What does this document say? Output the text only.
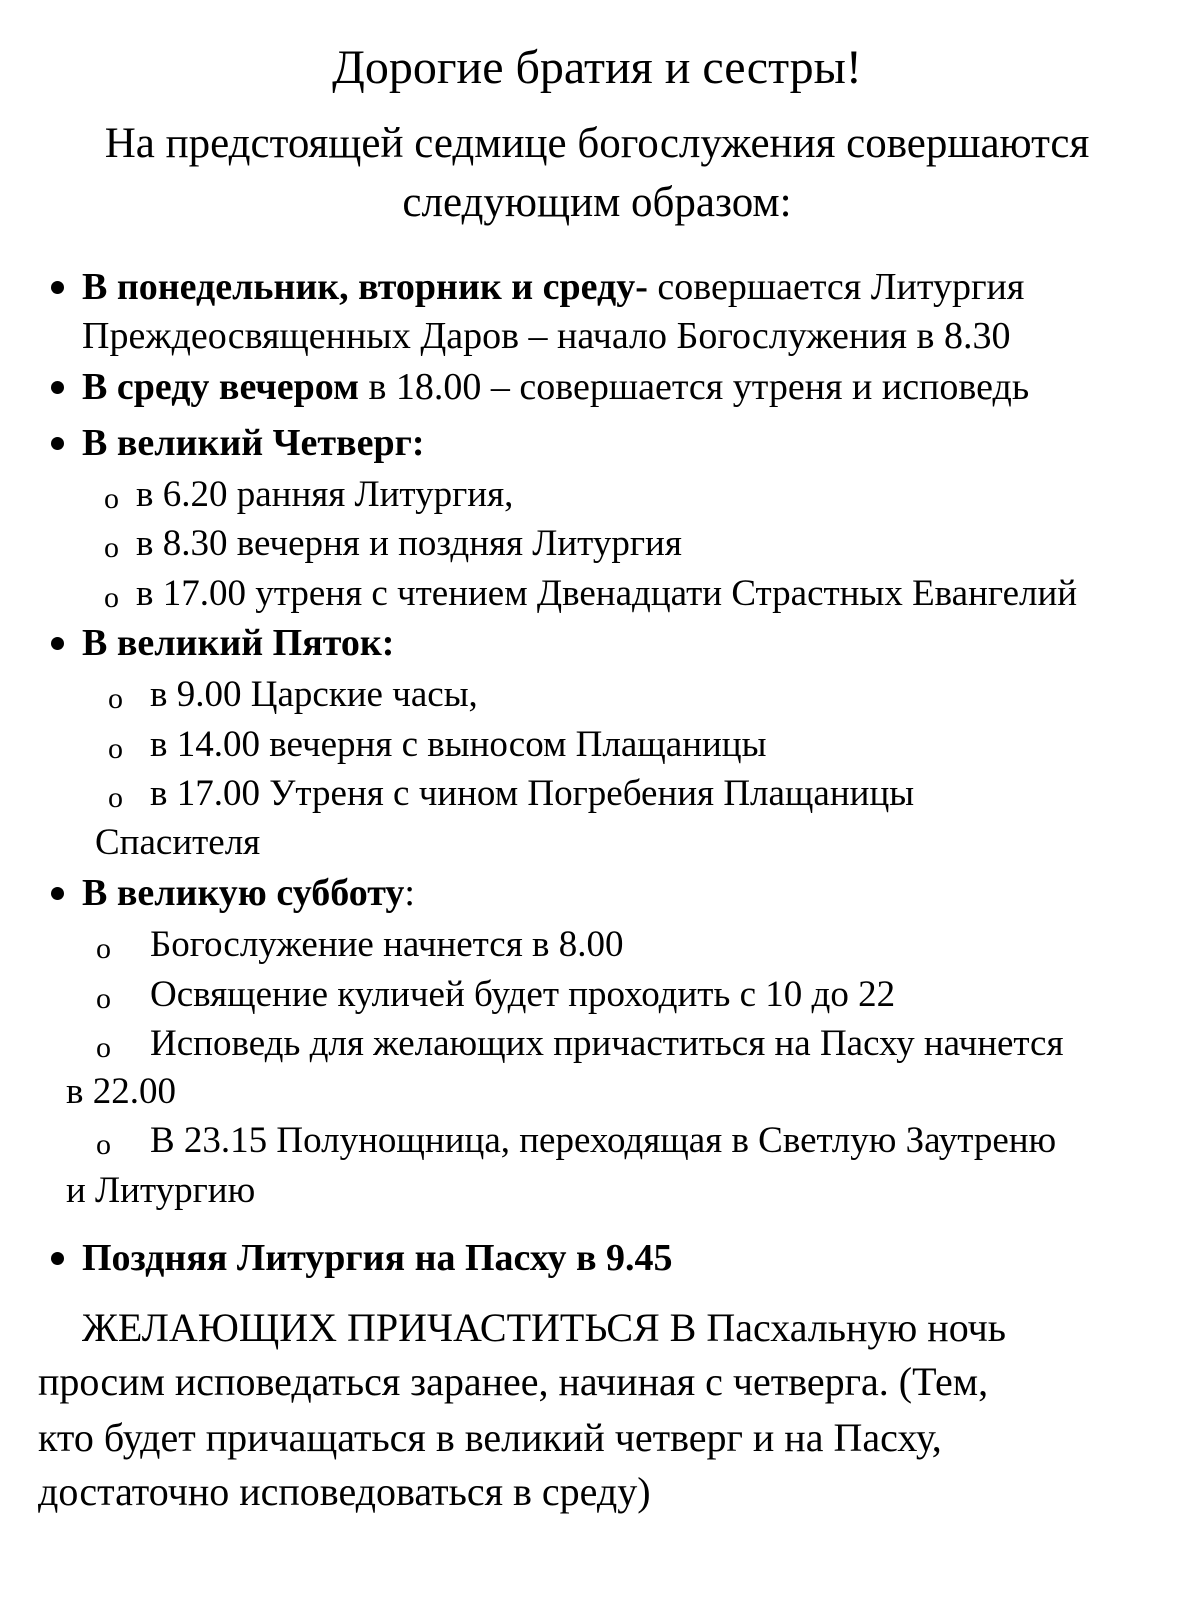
Дорогие братия и сестры!
На предстоящей седмице богослужения совершаются
следующим образом:
В понедельник, вторник и среду- совершается Литургия
Преждеосвященных Даров – начало Богослужения в 8.30
В среду вечером в 18.00 – совершается утреня и исповедь
В великий Четверг:
o в 6.20 ранняя Литургия,
o в 8.30 вечерня и поздняя Литургия
o в 17.00 утреня с чтением Двенадцати Страстных Евангелий
В великий Пяток:
o в 9.00 Царские часы,
o в 14.00 вечерня с выносом Плащаницы
o в 17.00 Утреня с чином Погребения Плащаницы
Спасителя
В великую субботу:
o Богослужение начнется в 8.00
o Освящение куличей будет проходить с 10 до 22
o Исповедь для желающих причаститься на Пасху начнется
в 22.00
o В 23.15 Полунощница, переходящая в Светлую Заутреню
и Литургию
Поздняя Литургия на Пасху в 9.45
ЖЕЛАЮЩИХ ПРИЧАСТИТЬСЯ В Пасхальную ночь
просим исповедаться заранее, начиная с четверга. (Тем,
кто будет причащаться в великий четверг и на Пасху,
достаточно исповедоваться в среду)
